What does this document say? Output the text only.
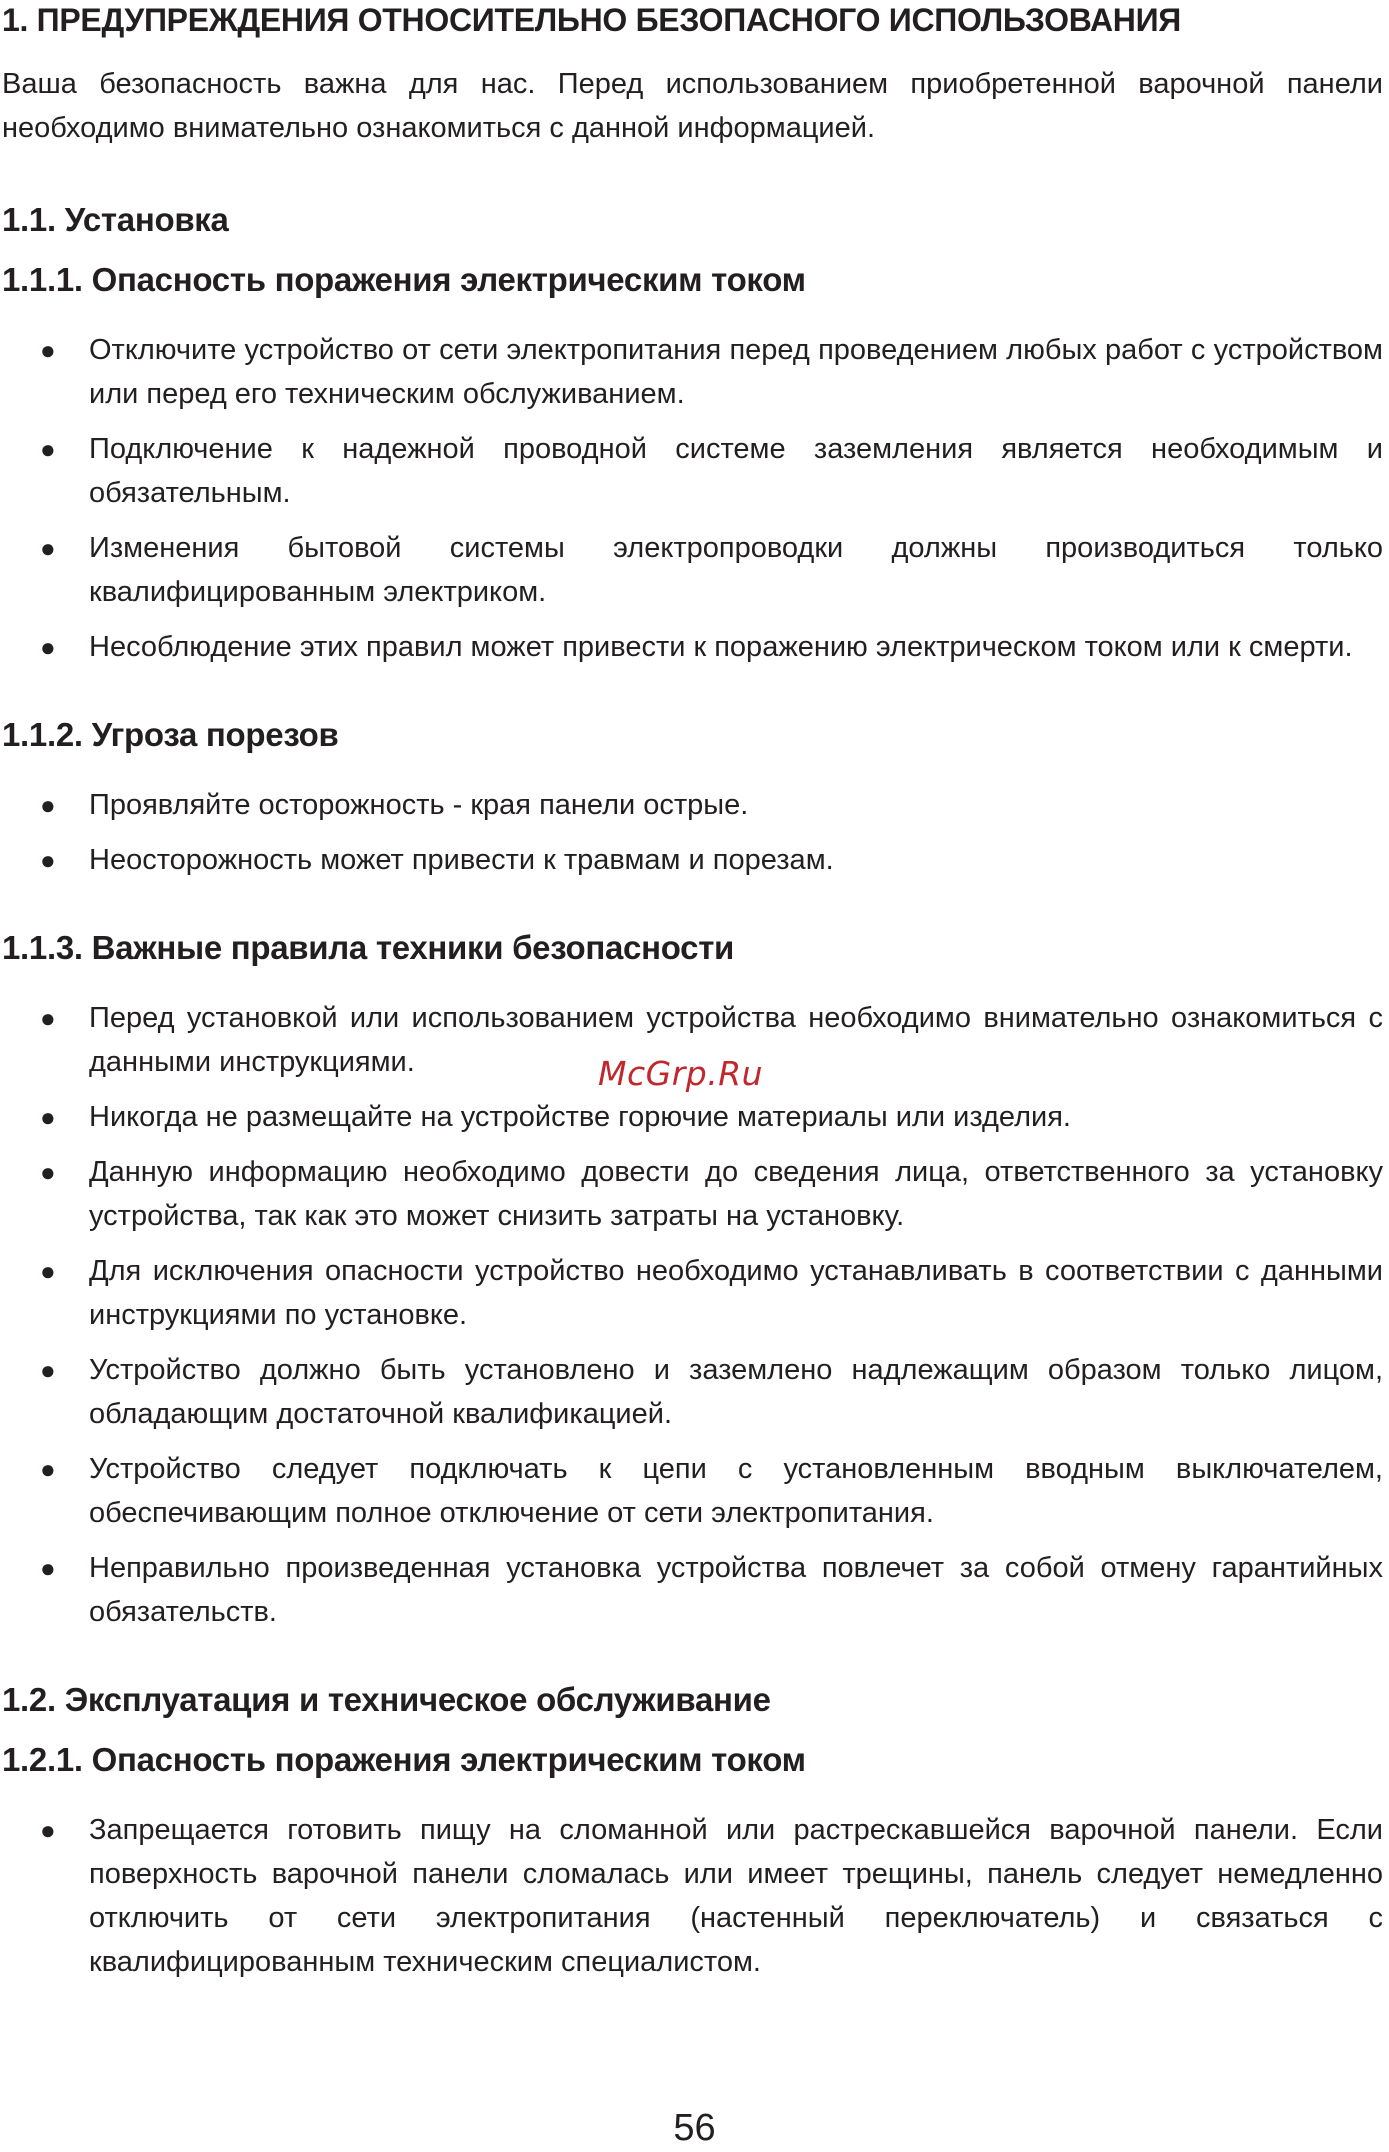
1. ПРЕДУПРЕЖДЕНИЯ ОТНОСИТЕЛЬНО БЕЗОПАСНОГО ИСПОЛЬЗОВАНИЯ

Ваша безопасность важна для нас. Перед использованием приобретенной варочной панели необходимо внимательно ознакомиться с данной информацией.

1.1. Установка
1.1.1. Опасность поражения электрическим током
● Отключите устройство от сети электропитания перед проведением любых работ с устройством или перед его техническим обслуживанием.
● Подключение к надежной проводной системе заземления является необходимым и обязательным.
● Изменения бытовой системы электропроводки должны производиться только квалифицированным электриком.
● Несоблюдение этих правил может привести к поражению электрическом током или к смерти.
1.1.2. Угроза порезов
● Проявляйте осторожность - края панели острые.
● Неосторожность может привести к травмам и порезам.
1.1.3. Важные правила техники безопасности
● Перед установкой или использованием устройства необходимо внимательно ознакомиться с данными инструкциями.
● Никогда не размещайте на устройстве горючие материалы или изделия.
● Данную информацию необходимо довести до сведения лица, ответственного за установку устройства, так как это может снизить затраты на установку.
● Для исключения опасности устройство необходимо устанавливать в соответствии с данными инструкциями по установке.
● Устройство должно быть установлено и заземлено надлежащим образом только лицом, обладающим достаточной квалификацией.
● Устройство следует подключать к цепи с установленным вводным выключателем, обеспечивающим полное отключение от сети электропитания.
● Неправильно произведенная установка устройства повлечет за собой отмену гарантийных обязательств.
1.2. Эксплуатация и техническое обслуживание
1.2.1. Опасность поражения электрическим током
● Запрещается готовить пищу на сломанной или растрескавшейся варочной панели. Если поверхность варочной панели сломалась или имеет трещины, панель следует немедленно отключить от сети электропитания (настенный переключатель) и связаться с квалифицированным техническим специалистом.
McGrp.Ru
56
